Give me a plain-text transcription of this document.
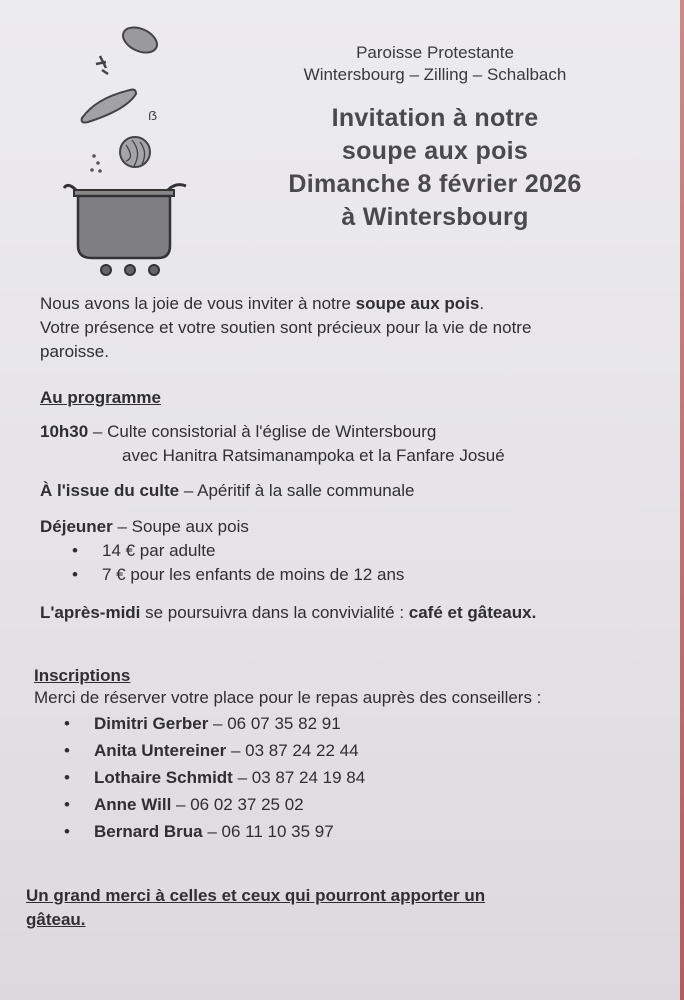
ẞ
Paroisse Protestante
Wintersbourg – Zilling – Schalbach
Invitation à notre
soupe aux pois
Dimanche 8 février 2026
à Wintersbourg
Nous avons la joie de vous inviter à notre soupe aux pois.
Votre présence et votre soutien sont précieux pour la vie de notre
paroisse.
Au programme
10h30 – Culte consistorial à l'église de Wintersbourg
avec Hanitra Ratsimanampoka et la Fanfare Josué
À l'issue du culte – Apéritif à la salle communale
Déjeuner – Soupe aux pois
• 14 € par adulte
• 7 € pour les enfants de moins de 12 ans
L'après-midi se poursuivra dans la convivialité : café et gâteaux.
Inscriptions
Merci de réserver votre place pour le repas auprès des conseillers :
• Dimitri Gerber – 06 07 35 82 91
• Anita Untereiner – 03 87 24 22 44
• Lothaire Schmidt – 03 87 24 19 84
• Anne Will – 06 02 37 25 02
• Bernard Brua – 06 11 10 35 97
Un grand merci à celles et ceux qui pourront apporter un
gâteau.
